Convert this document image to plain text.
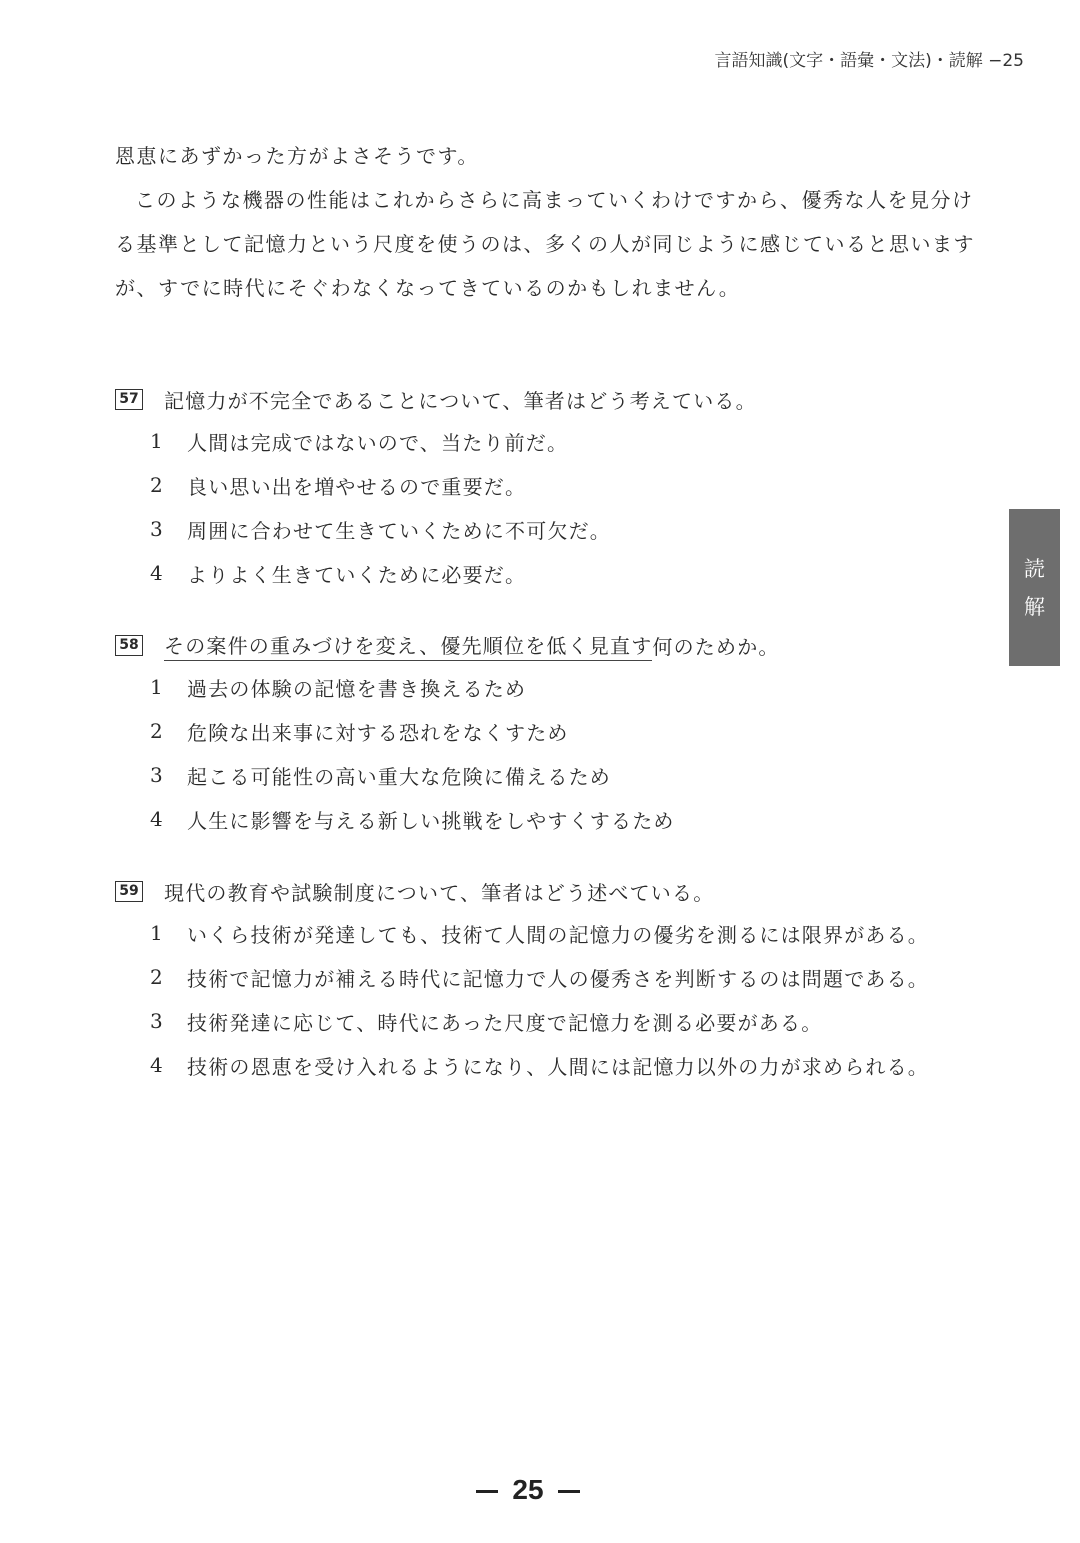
言語知識(文字・語彙・文法)・読解 −25

恩恵にあずかった方がよさそうです。

このような機器の性能はこれからさらに高まっていくわけですから、優秀な人を見分け

る基準として記憶力という尺度を使うのは、多くの人が同じように感じていると思います

が、すでに時代にそぐわなくなってきているのかもしれません。

57 記憶力が不完全であることについて、筆者はどう考えている。
1	人間は完成ではないので、当たり前だ。
2	良い思い出を増やせるので重要だ。
3	周囲に合わせて生きていくために不可欠だ。
4	よりよく生きていくために必要だ。
58 その案件の重みづけを変え、優先順位を低く見直す 何のためか。
1	過去の体験の記憶を書き換えるため
2	危険な出来事に対する恐れをなくすため
3	起こる可能性の高い重大な危険に備えるため
4	人生に影響を与える新しい挑戦をしやすくするため
59 現代の教育や試験制度について、筆者はどう述べている。
1	いくら技術が発達しても、技術て人間の記憶力の優劣を測るには限界がある。
2	技術で記憶力が補える時代に記憶力で人の優秀さを判断するのは問題である。
3	技術発達に応じて、時代にあった尺度で記憶力を測る必要がある。
4	技術の恩恵を受け入れるようになり、人間には記憶力以外の力が求められる。
読
解
25
